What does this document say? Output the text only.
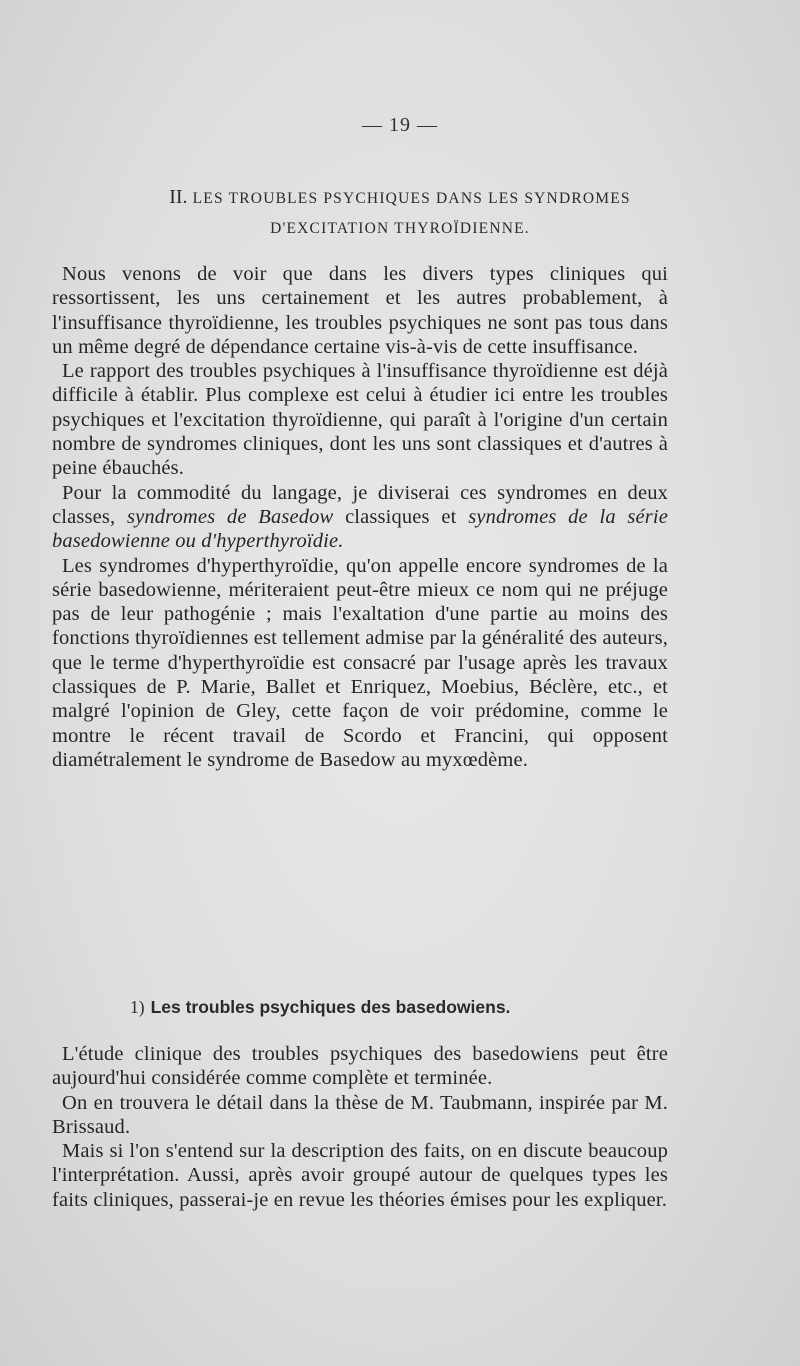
— 19 —
II. LES TROUBLES PSYCHIQUES DANS LES SYNDROMES
D'EXCITATION THYROÏDIENNE.

Nous venons de voir que dans les divers types cliniques qui ressortissent, les uns certainement et les autres probablement, à l'insuffisance thyroïdienne, les troubles psychiques ne sont pas tous dans un même degré de dépendance certaine vis-à-vis de cette insuffisance.

Le rapport des troubles psychiques à l'insuffisance thyroïdienne est déjà difficile à établir. Plus complexe est celui à étudier ici entre les troubles psychiques et l'excitation thyroïdienne, qui paraît à l'origine d'un certain nombre de syndromes cliniques, dont les uns sont classiques et d'autres à peine ébauchés.

Pour la commodité du langage, je diviserai ces syndromes en deux classes, syndromes de Basedow classiques et syndromes de la série basedowienne ou d'hyperthyroïdie.

Les syndromes d'hyperthyroïdie, qu'on appelle encore syndromes de la série basedowienne, mériteraient peut-être mieux ce nom qui ne préjuge pas de leur pathogénie ; mais l'exaltation d'une partie au moins des fonctions thyroïdiennes est tellement admise par la généralité des auteurs, que le terme d'hyperthyroïdie est consacré par l'usage après les travaux classiques de P. Marie, Ballet et Enriquez, Moebius, Béclère, etc., et malgré l'opinion de Gley, cette façon de voir prédomine, comme le montre le récent travail de Scordo et Francini, qui opposent diamétralement le syndrome de Basedow au myxœdème.

1) Les troubles psychiques des basedowiens.

L'étude clinique des troubles psychiques des basedowiens peut être aujourd'hui considérée comme complète et terminée.

On en trouvera le détail dans la thèse de M. Taubmann, inspirée par M. Brissaud.

Mais si l'on s'entend sur la description des faits, on en discute beaucoup l'interprétation. Aussi, après avoir groupé autour de quelques types les faits cliniques, passerai-je en revue les théories émises pour les expliquer.
